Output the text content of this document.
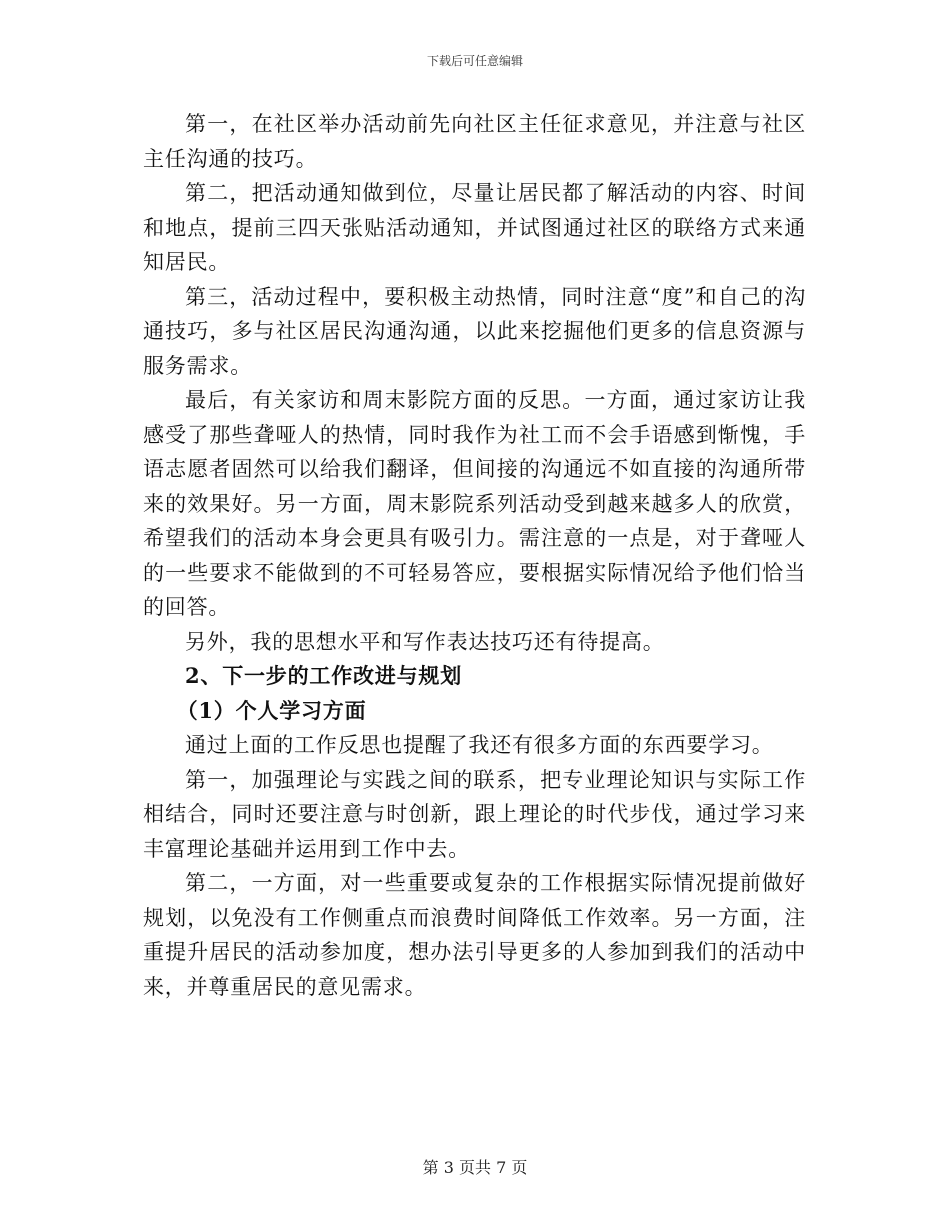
下载后可任意编辑

第一，在社区举办活动前先向社区主任征求意见，并注意与社区主任沟通的技巧。

第二，把活动通知做到位，尽量让居民都了解活动的内容、时间和地点，提前三四天张贴活动通知，并试图通过社区的联络方式来通知居民。

第三，活动过程中，要积极主动热情，同时注意“度”和自己的沟通技巧，多与社区居民沟通沟通，以此来挖掘他们更多的信息资源与服务需求。

最后，有关家访和周末影院方面的反思。一方面，通过家访让我感受了那些聋哑人的热情，同时我作为社工而不会手语感到惭愧，手语志愿者固然可以给我们翻译，但间接的沟通远不如直接的沟通所带来的效果好。另一方面，周末影院系列活动受到越来越多人的欣赏，希望我们的活动本身会更具有吸引力。需注意的一点是，对于聋哑人的一些要求不能做到的不可轻易答应，要根据实际情况给予他们恰当的回答。

另外，我的思想水平和写作表达技巧还有待提高。

2、下一步的工作改进与规划

（1）个人学习方面

通过上面的工作反思也提醒了我还有很多方面的东西要学习。

第一，加强理论与实践之间的联系，把专业理论知识与实际工作相结合，同时还要注意与时创新，跟上理论的时代步伐，通过学习来丰富理论基础并运用到工作中去。

第二，一方面，对一些重要或复杂的工作根据实际情况提前做好规划，以免没有工作侧重点而浪费时间降低工作效率。另一方面，注重提升居民的活动参加度，想办法引导更多的人参加到我们的活动中来，并尊重居民的意见需求。

第 3 页共 7 页
